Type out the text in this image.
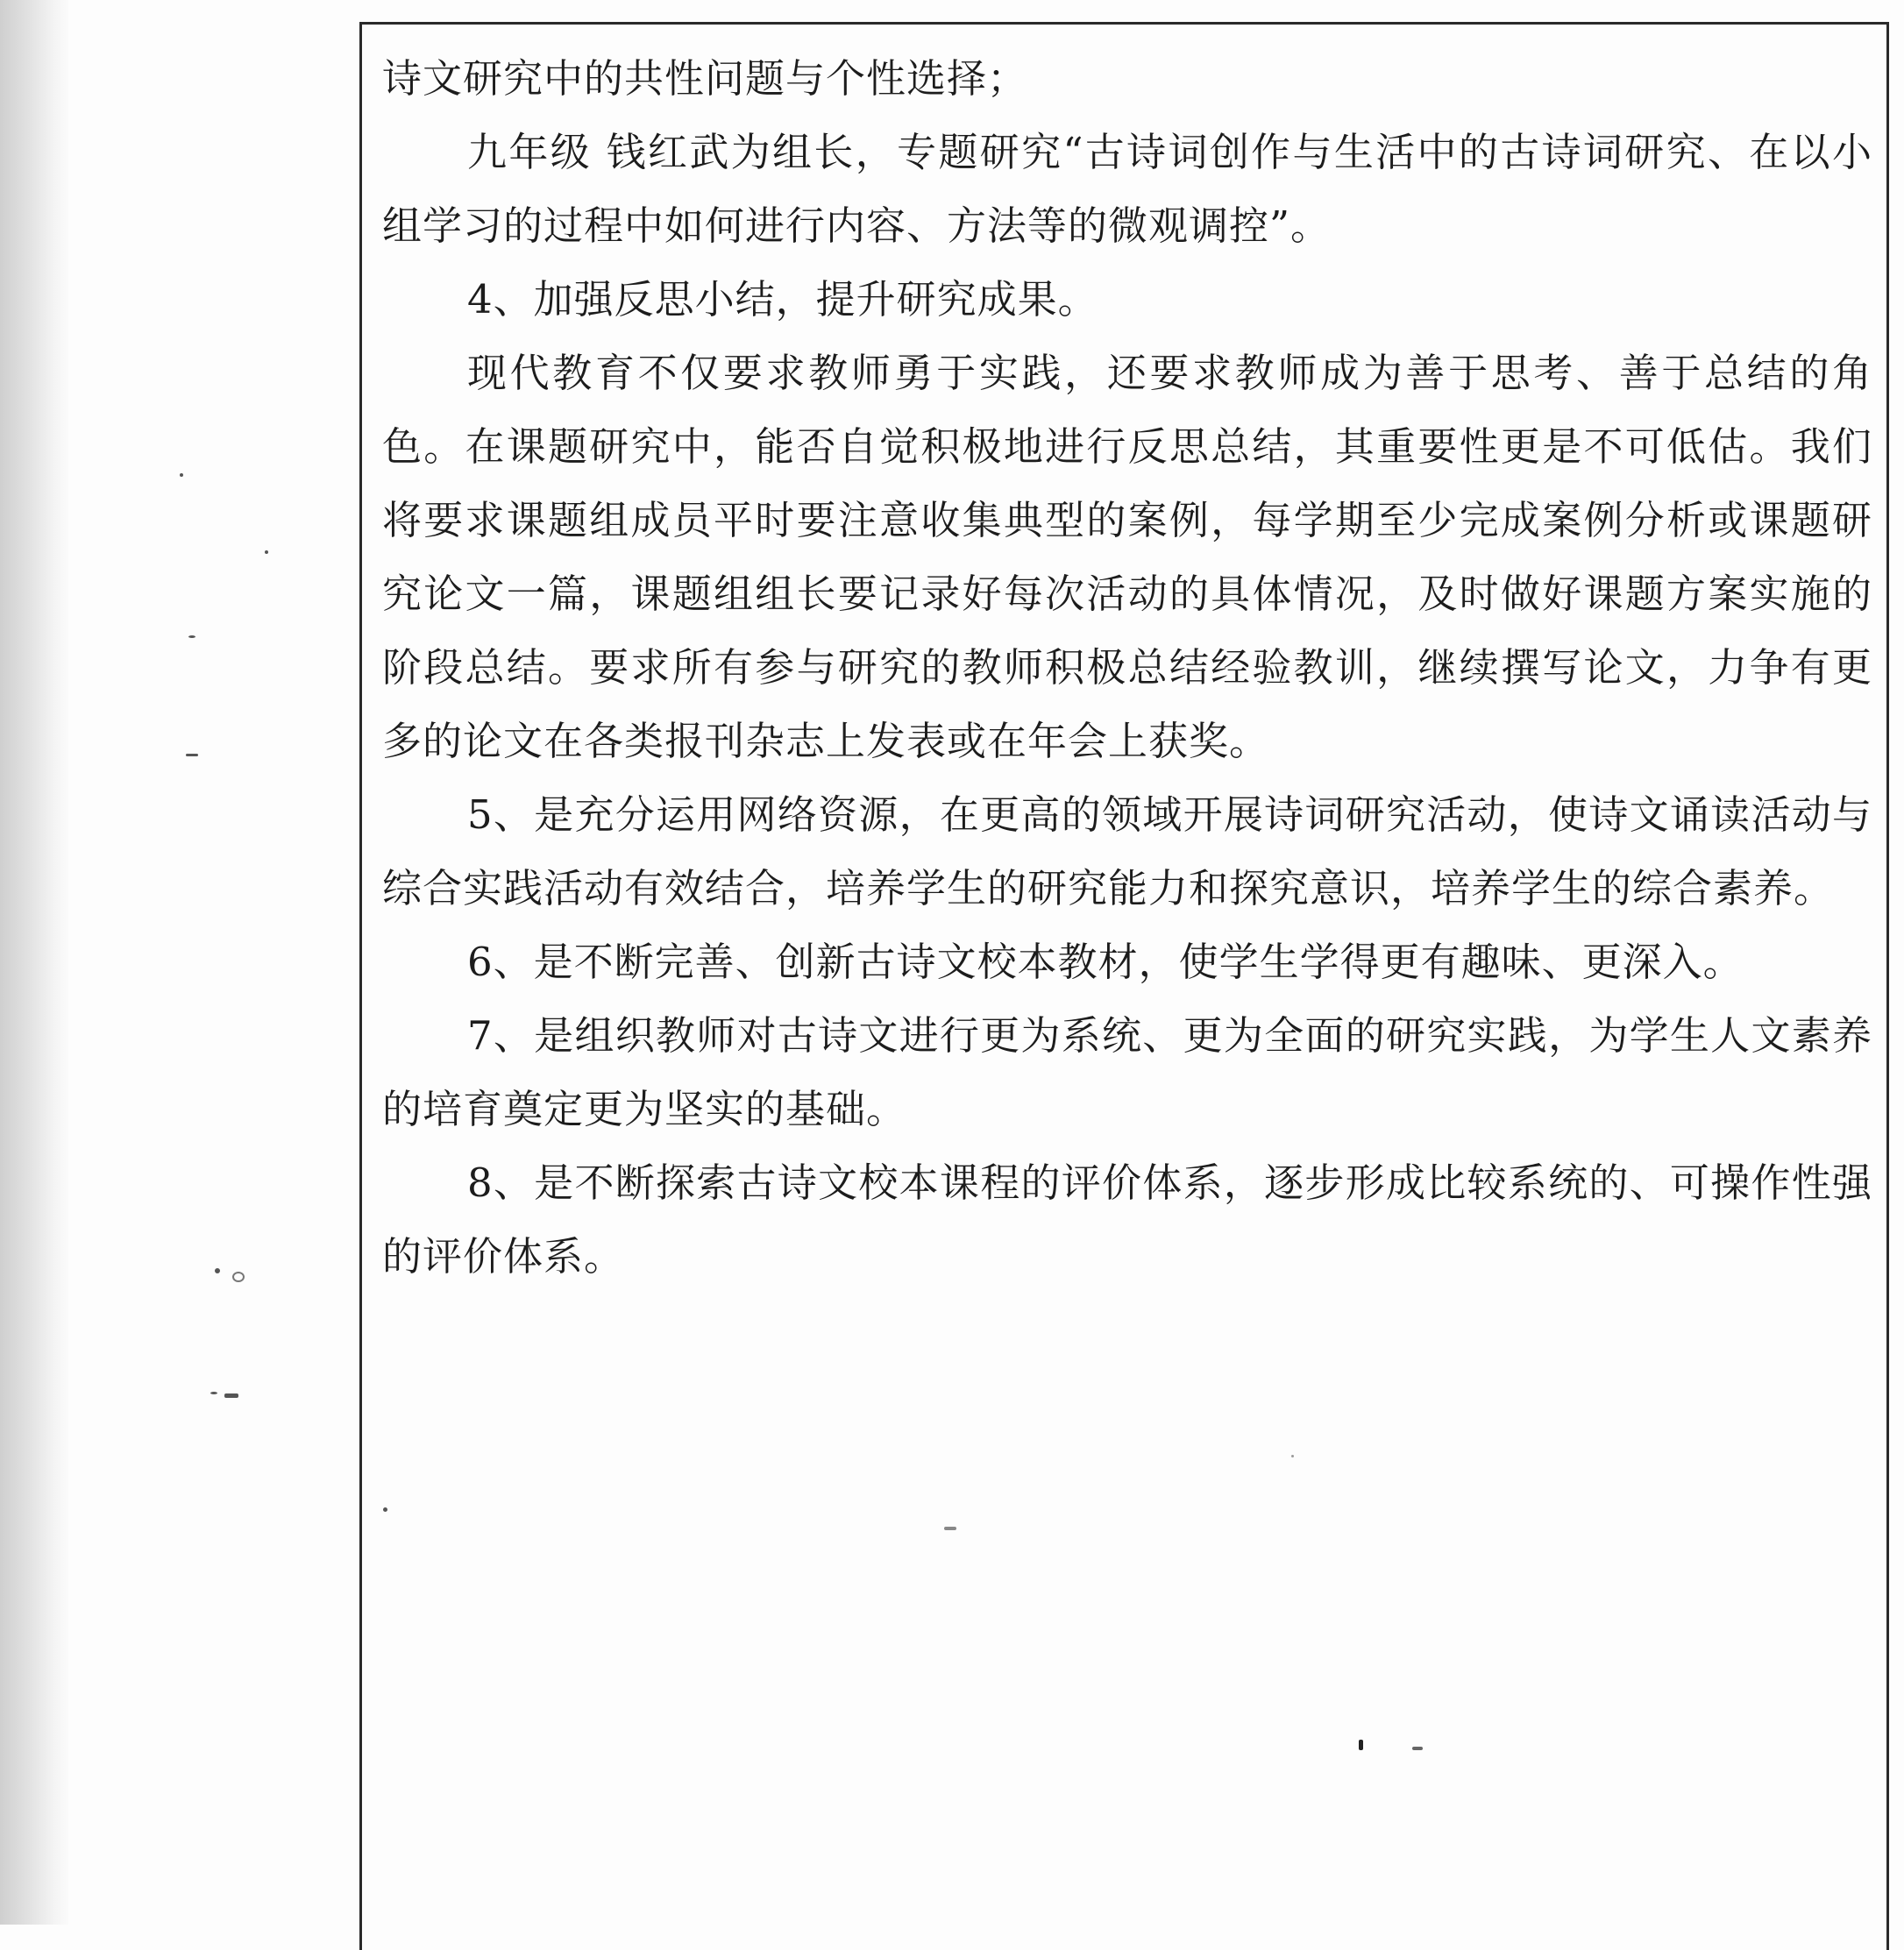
诗文研究中的共性问题与个性选择；

九年级 钱红武为组长，专题研究“古诗词创作与生活中的古诗词研究、在以小组学习的过程中如何进行内容、方法等的微观调控”。

4、加强反思小结，提升研究成果。

现代教育不仅要求教师勇于实践，还要求教师成为善于思考、善于总结的角色。在课题研究中，能否自觉积极地进行反思总结，其重要性更是不可低估。我们将要求课题组成员平时要注意收集典型的案例，每学期至少完成案例分析或课题研究论文一篇，课题组组长要记录好每次活动的具体情况，及时做好课题方案实施的阶段总结。要求所有参与研究的教师积极总结经验教训，继续撰写论文，力争有更多的论文在各类报刊杂志上发表或在年会上获奖。

5、是充分运用网络资源，在更高的领域开展诗词研究活动，使诗文诵读活动与综合实践活动有效结合，培养学生的研究能力和探究意识，培养学生的综合素养。

6、是不断完善、创新古诗文校本教材，使学生学得更有趣味、更深入。

7、是组织教师对古诗文进行更为系统、更为全面的研究实践，为学生人文素养的培育奠定更为坚实的基础。

8、是不断探索古诗文校本课程的评价体系，逐步形成比较系统的、可操作性强的评价体系。
